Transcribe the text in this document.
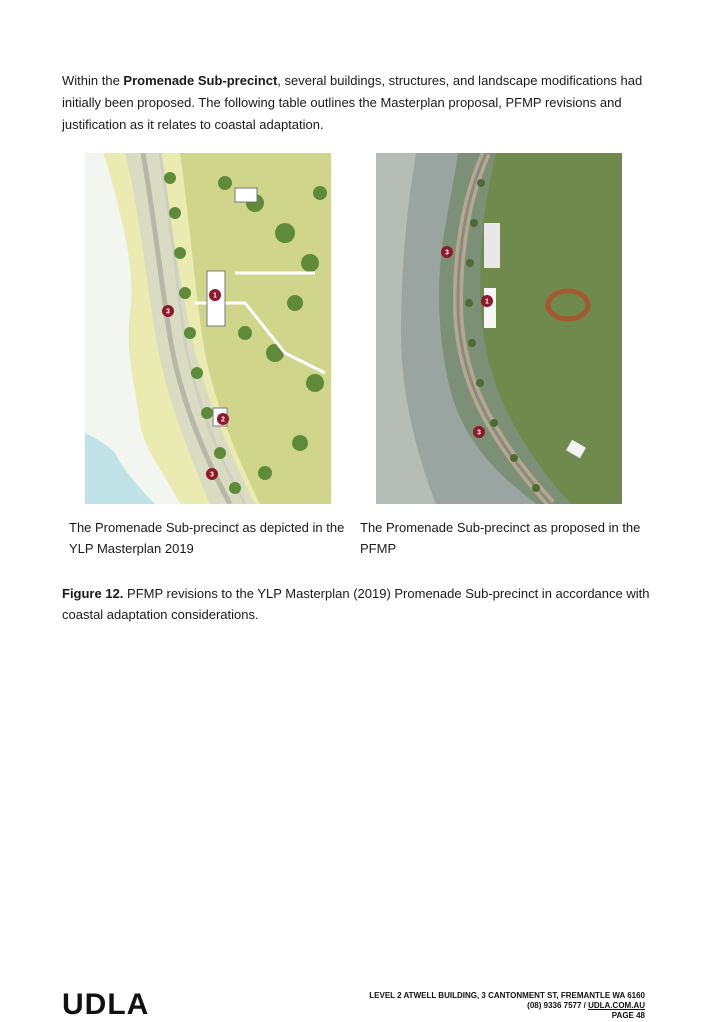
Within the Promenade Sub-precinct, several buildings, structures, and landscape modifications had initially been proposed. The following table outlines the Masterplan proposal, PFMP revisions and justification as it relates to coastal adaptation.

1
2
3
3
1
3
3
The Promenade Sub-precinct as depicted in the YLP Masterplan 2019
The Promenade Sub-precinct as proposed in the PFMP

Figure 12. PFMP revisions to the YLP Masterplan (2019) Promenade Sub-precinct in accordance with coastal adaptation considerations.

UDLA	LEVEL 2 ATWELL BUILDING, 3 CANTONMENT ST, FREMANTLE WA 6160
(08) 9336 7577 / UDLA.COM.AU
PAGE 48
